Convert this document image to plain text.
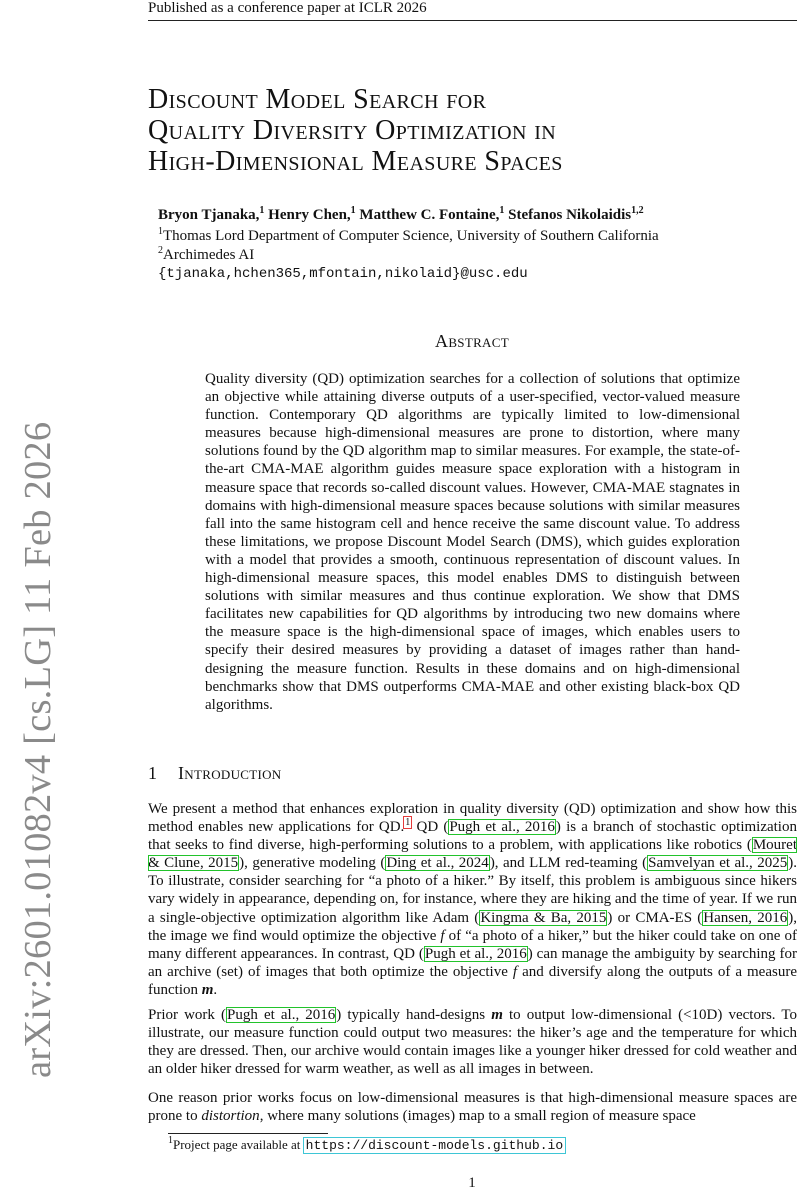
Published as a conference paper at ICLR 2026
arXiv:2601.01082v4 [cs.LG] 11 Feb 2026
Discount Model Search for
Quality Diversity Optimization in
High-Dimensional Measure Spaces
Bryon Tjanaka,$^1$ Henry Chen,$^1$ Matthew C. Fontaine,$^1$ Stefanos Nikolaidis$^{1,2}$
$^1$Thomas Lord Department of Computer Science, University of Southern California
$^2$Archimedes AI
{tjanaka,hchen365,mfontain,nikolaid}@usc.edu
Abstract
Quality diversity (QD) optimization searches for a collection of solutions that optimize an objective while attaining diverse outputs of a user-specified, vector-valued measure function. Contemporary QD algorithms are typically limited to low-dimensional measures because high-dimensional measures are prone to distortion, where many solutions found by the QD algorithm map to similar measures. For example, the state-of-the-art CMA-MAE algorithm guides measure space exploration with a histogram in measure space that records so-called discount values. However, CMA-MAE stagnates in domains with high-dimensional measure spaces because solutions with similar measures fall into the same histogram cell and hence receive the same discount value. To address these limitations, we propose Discount Model Search (DMS), which guides exploration with a model that provides a smooth, continuous representation of discount values. In high-dimensional measure spaces, this model enables DMS to distinguish between solutions with similar measures and thus continue exploration. We show that DMS facilitates new capabilities for QD algorithms by introducing two new domains where the measure space is the high-dimensional space of images, which enables users to specify their desired measures by providing a dataset of images rather than hand-designing the measure function. Results in these domains and on high-dimensional benchmarks show that DMS outperforms CMA-MAE and other existing black-box QD algorithms.
1 Introduction
We present a method that enhances exploration in quality diversity (QD) optimization and show how this method enables new applications for QD.$^1$ QD (Pugh et al., 2016) is a branch of stochastic optimization that seeks to find diverse, high-performing solutions to a problem, with applications like robotics (Mouret & Clune, 2015), generative modeling (Ding et al., 2024), and LLM red-teaming (Samvelyan et al., 2025). To illustrate, consider searching for “a photo of a hiker.” By itself, this problem is ambiguous since hikers vary widely in appearance, depending on, for instance, where they are hiking and the time of year. If we run a single-objective optimization algorithm like Adam (Kingma & Ba, 2015) or CMA-ES (Hansen, 2016), the image we find would optimize the objective f of “a photo of a hiker,” but the hiker could take on one of many different appearances. In contrast, QD (Pugh et al., 2016) can manage the ambiguity by searching for an archive (set) of images that both optimize the objective f and diversify along the outputs of a measure function m.
Prior work (Pugh et al., 2016) typically hand-designs m to output low-dimensional (<10D) vectors. To illustrate, our measure function could output two measures: the hiker’s age and the temperature for which they are dressed. Then, our archive would contain images like a younger hiker dressed for cold weather and an older hiker dressed for warm weather, as well as all images in between.
One reason prior works focus on low-dimensional measures is that high-dimensional measure spaces are prone to distortion, where many solutions (images) map to a small region of measure space
$^1$Project page available at https://discount-models.github.io
1
